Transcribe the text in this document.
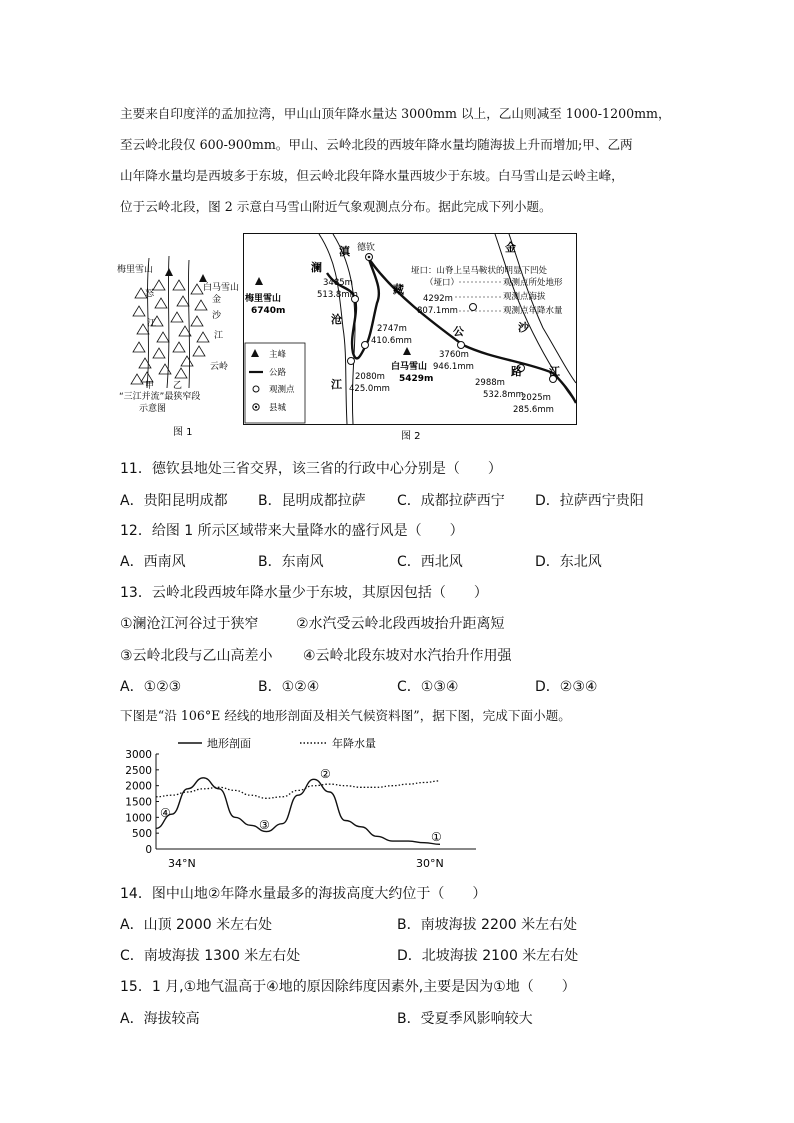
主要来自印度洋的孟加拉湾，甲山山顶年降水量达 3000mm 以上，乙山则减至 1000-1200mm，
至云岭北段仅 600-900mm。甲山、云岭北段的西坡年降水量均随海拔上升而增加;甲、乙两
山年降水量均是西坡多于东坡，但云岭北段年降水量西坡少于东坡。白马雪山是云岭主峰，
位于云岭北段，图 2 示意白马雪山附近气象观测点分布。据此完成下列小题。
梅里雪山
白马雪山
怒
江
金
沙
江
云岭
甲 乙
“三江并流”最狭窄段
示意图
图 1
德钦
梅里雪山
6740m
白马雪山
5429m
3485m
513.8mm	4292m
807.1mm
2747m
410.6mm
3760m
946.1mm
2080m
425.0mm
2988m
532.8mm
2025m
285.6mm
垭口：山脊上呈马鞍状的明显下凹处
（垭口）	观测点所处地形
观测点海拔
观测点年降水量
澜
沧
江
滇
藏
公
路
金
沙
江
主峰
公路
观测点
县城
图 2
11．德钦县地处三省交界，该三省的行政中心分别是（　　）
A．贵阳昆明成都 B．昆明成都拉萨 C．成都拉萨西宁 D．拉萨西宁贵阳
12．给图 1 所示区域带来大量降水的盛行风是（　　）
A．西南风	B．东南风	C．西北风	D．东北风
13．云岭北段西坡年降水量少于东坡，其原因包括（　　）
①澜沧江河谷过于狭窄	②水汽受云岭北段西坡抬升距离短
③云岭北段与乙山高差小 ④云岭北段东坡对水汽抬升作用强
A．①②③	B．①②④	C．①③④	D．②③④
下图是“沿 106°E 经线的地形剖面及相关气候资料图”，据下图，完成下面小题。
地形剖面	年降水量
3000
2500
2000
1500
1000
500
0
34°N	30°N
①
②
③
④
14．图中山地②年降水量最多的海拔高度大约位于（　　）
A．山顶 2000 米左右处	B．南坡海拔 2200 米左右处
C．南坡海拔 1300 米左右处	D．北坡海拔 2100 米左右处
15．1 月,①地气温高于④地的原因除纬度因素外,主要是因为①地（　　）
A．海拔较高	B．受夏季风影响较大
